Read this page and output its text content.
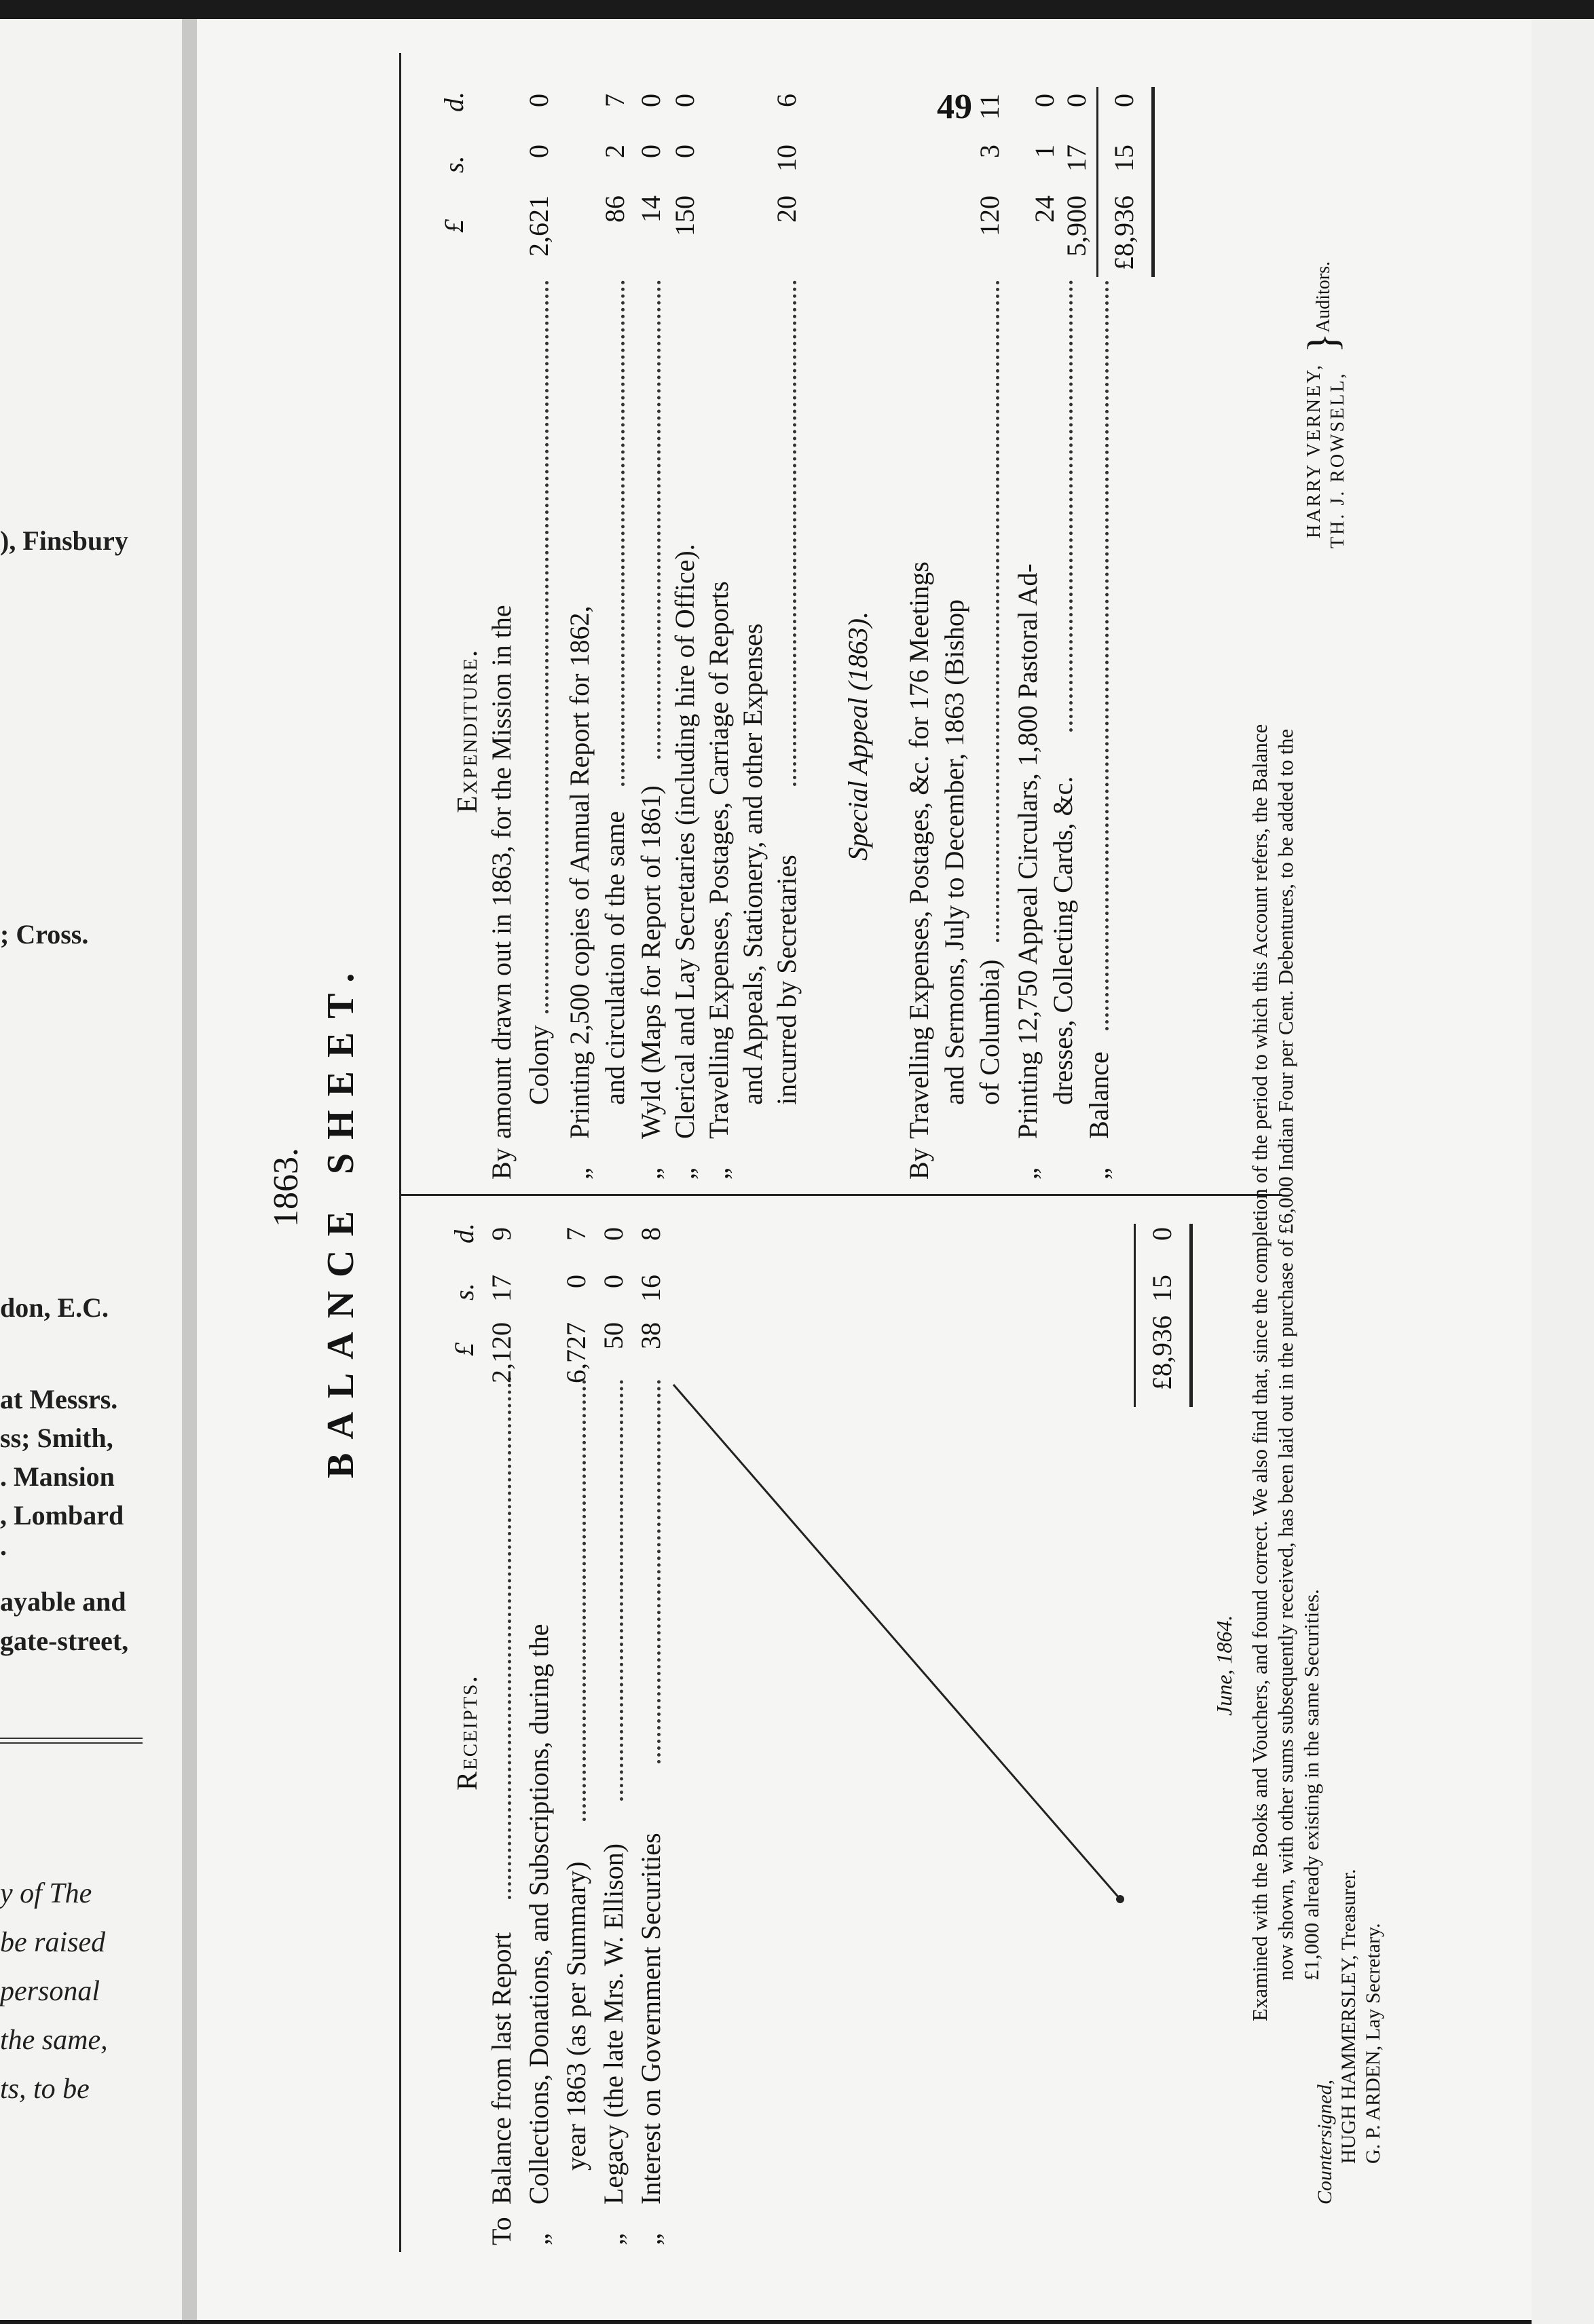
), Finsbury
; Cross.
don, E.C.
at Messrs.
ss; Smith,
. Mansion
, Lombard
.
ayable and
gate-street,
y of The
be raised
personal
the same,
ts, to be
49
1863. BALANCE SHEET.
Receipts.
£
s.
d.
To
Balance from last Report
2,120
17
9
„
Collections, Donations, and Subscriptions, during the year 1863 (as per Summary)
6,727
0
7
„
Legacy (the late Mrs. W. Ellison)
50
0
0
„
Interest on Government Securities
38
16
8
£8,936
15
0
Expenditure.
£
s.
d.
By
amount drawn out in 1863, for the Mission in the Colony
2,621
0
0
„
Printing 2,500 copies of Annual Report for 1862, and circulation of the same
86
2
7
„
Wyld (Maps for Report of 1861)
14
0
0
„
Clerical and Lay Secretaries (including hire of Office).
150
0
0
„
Travelling Expenses, Postages, Carriage of Reports and Appeals, Stationery, and other Expenses incurred by Secretaries
20
10
6
Special Appeal (1863).
By
Travelling Expenses, Postages, &c. for 176 Meetings and Sermons, July to December, 1863 (Bishop of Columbia)
120
3
11
„
Printing 12,750 Appeal Circulars, 1,800 Pastoral Ad- dresses, Collecting Cards, &c.
24
1
0
„
Balance
5,900
17
0
£8,936
15
0
June, 1864. Examined with the Books and Vouchers, and found correct. We also find that, since the completion of the period to which this Account refers, the Balance now shown, with other sums subsequently received, has been laid out in the purchase of £6,000 Indian Four per Cent. Debentures, to be added to the £1,000 already existing in the same Securities.
HARRY VERNEY, TH. J. ROWSELL,
}
Auditors.
Countersigned, HUGH HAMMERSLEY, Treasurer. G. P. ARDEN, Lay Secretary.
